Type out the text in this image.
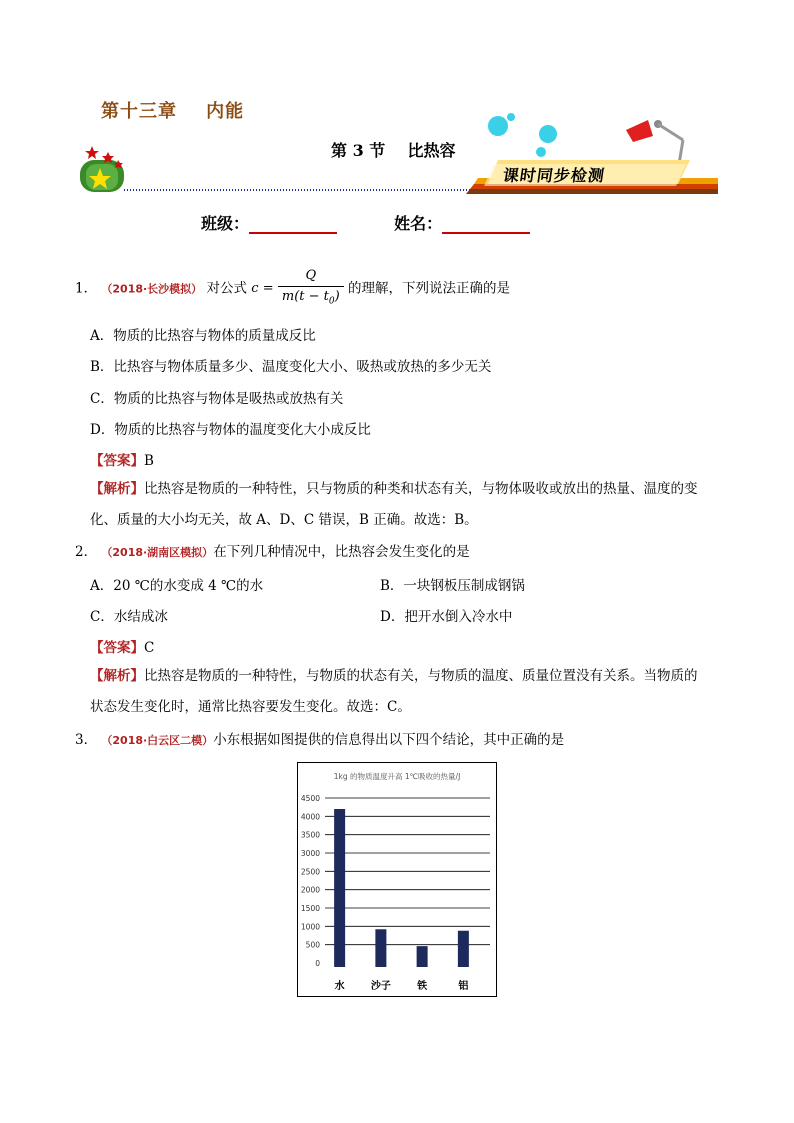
第十三章    内能
第 3 节    比热容
课时同步检测
班级：	姓名：
1． （2018·长沙模拟） 对公式 $c = \frac{Q}{m(t - t_0)}$ 的理解，下列说法正确的是
A．物质的比热容与物体的质量成反比
B．比热容与物体质量多少、温度变化大小、吸热或放热的多少无关
C．物质的比热容与物体是吸热或放热有关
D．物质的比热容与物体的温度变化大小成反比
【答案】B
【解析】比热容是物质的一种特性，只与物质的种类和状态有关，与物体吸收或放出的热量、温度的变
化、质量的大小均无关，故 A、D、C 错误，B 正确。故选：B。
2． （2018·湖南区模拟）在下列几种情况中，比热容会发生变化的是
A．20 ℃的水变成 4 ℃的水	B．一块钢板压制成钢锅
C．水结成冰	D．把开水倒入冷水中
【答案】C
【解析】比热容是物质的一种特性，与物质的状态有关，与物质的温度、质量位置没有关系。当物质的
状态发生变化时，通常比热容要发生变化。故选：C。
3． （2018·白云区二模）小东根据如图提供的信息得出以下四个结论，其中正确的是
1kg 的物质温度升高 1℃吸收的热量/J
0
500
1000
1500
2000
2500
3000
3500
4000
4500
水	沙子	铁	铝
